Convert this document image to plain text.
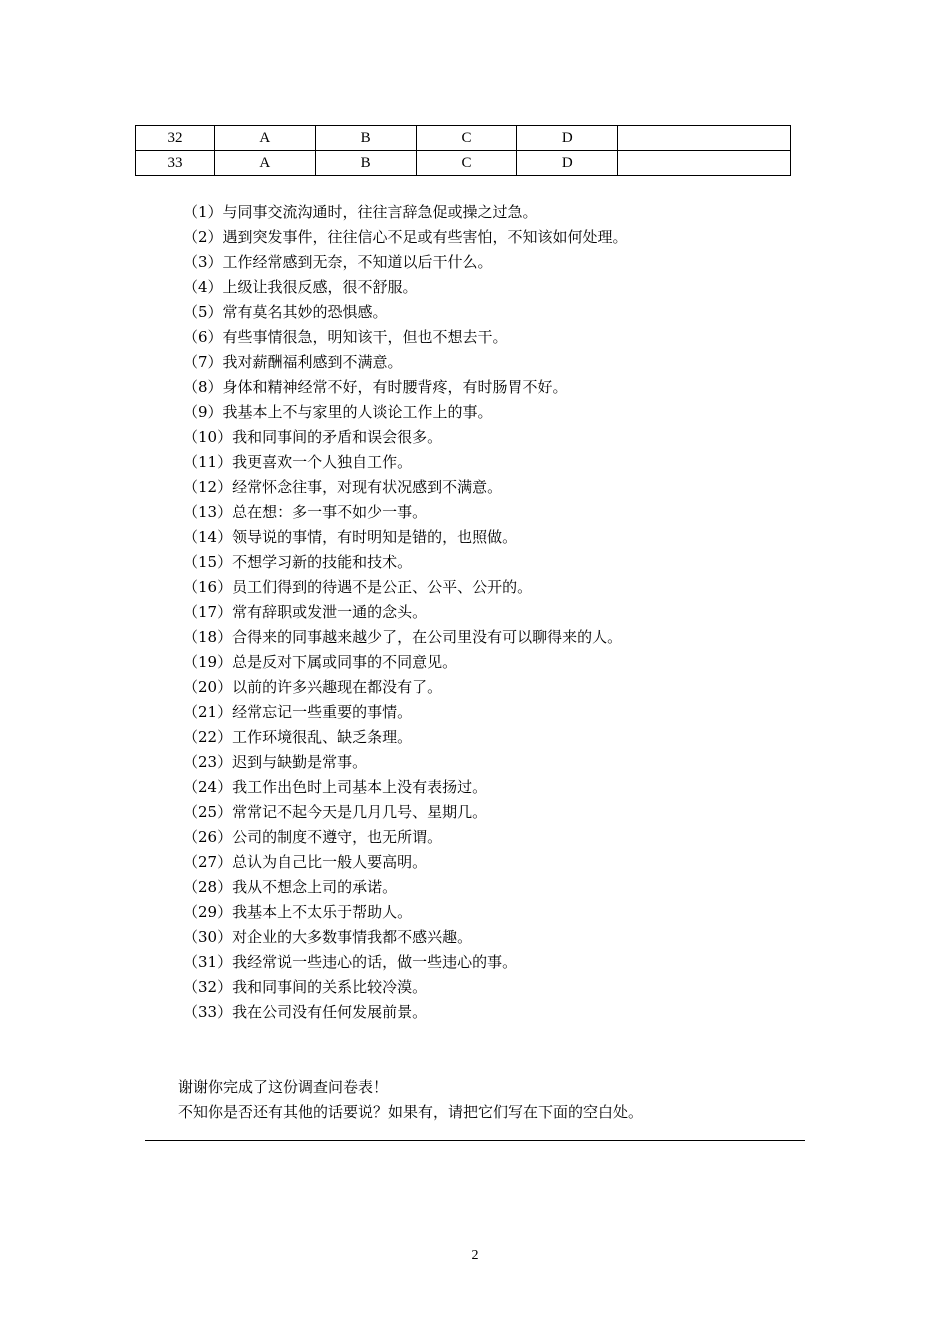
32	A	B	C	D	
33	A	B	C	D	
（1）与同事交流沟通时，往往言辞急促或操之过急。
（2）遇到突发事件，往往信心不足或有些害怕，不知该如何处理。
（3）工作经常感到无奈，不知道以后干什么。
（4）上级让我很反感，很不舒服。
（5）常有莫名其妙的恐惧感。
（6）有些事情很急，明知该干，但也不想去干。
（7）我对薪酬福利感到不满意。
（8）身体和精神经常不好，有时腰背疼，有时肠胃不好。
（9）我基本上不与家里的人谈论工作上的事。
（10）我和同事间的矛盾和误会很多。
（11）我更喜欢一个人独自工作。
（12）经常怀念往事，对现有状况感到不满意。
（13）总在想：多一事不如少一事。
（14）领导说的事情，有时明知是错的，也照做。
（15）不想学习新的技能和技术。
（16）员工们得到的待遇不是公正、公平、公开的。
（17）常有辞职或发泄一通的念头。
（18）合得来的同事越来越少了，在公司里没有可以聊得来的人。
（19）总是反对下属或同事的不同意见。
（20）以前的许多兴趣现在都没有了。
（21）经常忘记一些重要的事情。
（22）工作环境很乱、缺乏条理。
（23）迟到与缺勤是常事。
（24）我工作出色时上司基本上没有表扬过。
（25）常常记不起今天是几月几号、星期几。
（26）公司的制度不遵守，也无所谓。
（27）总认为自己比一般人要高明。
（28）我从不想念上司的承诺。
（29）我基本上不太乐于帮助人。
（30）对企业的大多数事情我都不感兴趣。
（31）我经常说一些违心的话，做一些违心的事。
（32）我和同事间的关系比较冷漠。
（33）我在公司没有任何发展前景。

谢谢你完成了这份调查问卷表！

不知你是否还有其他的话要说？如果有，请把它们写在下面的空白处。

2
